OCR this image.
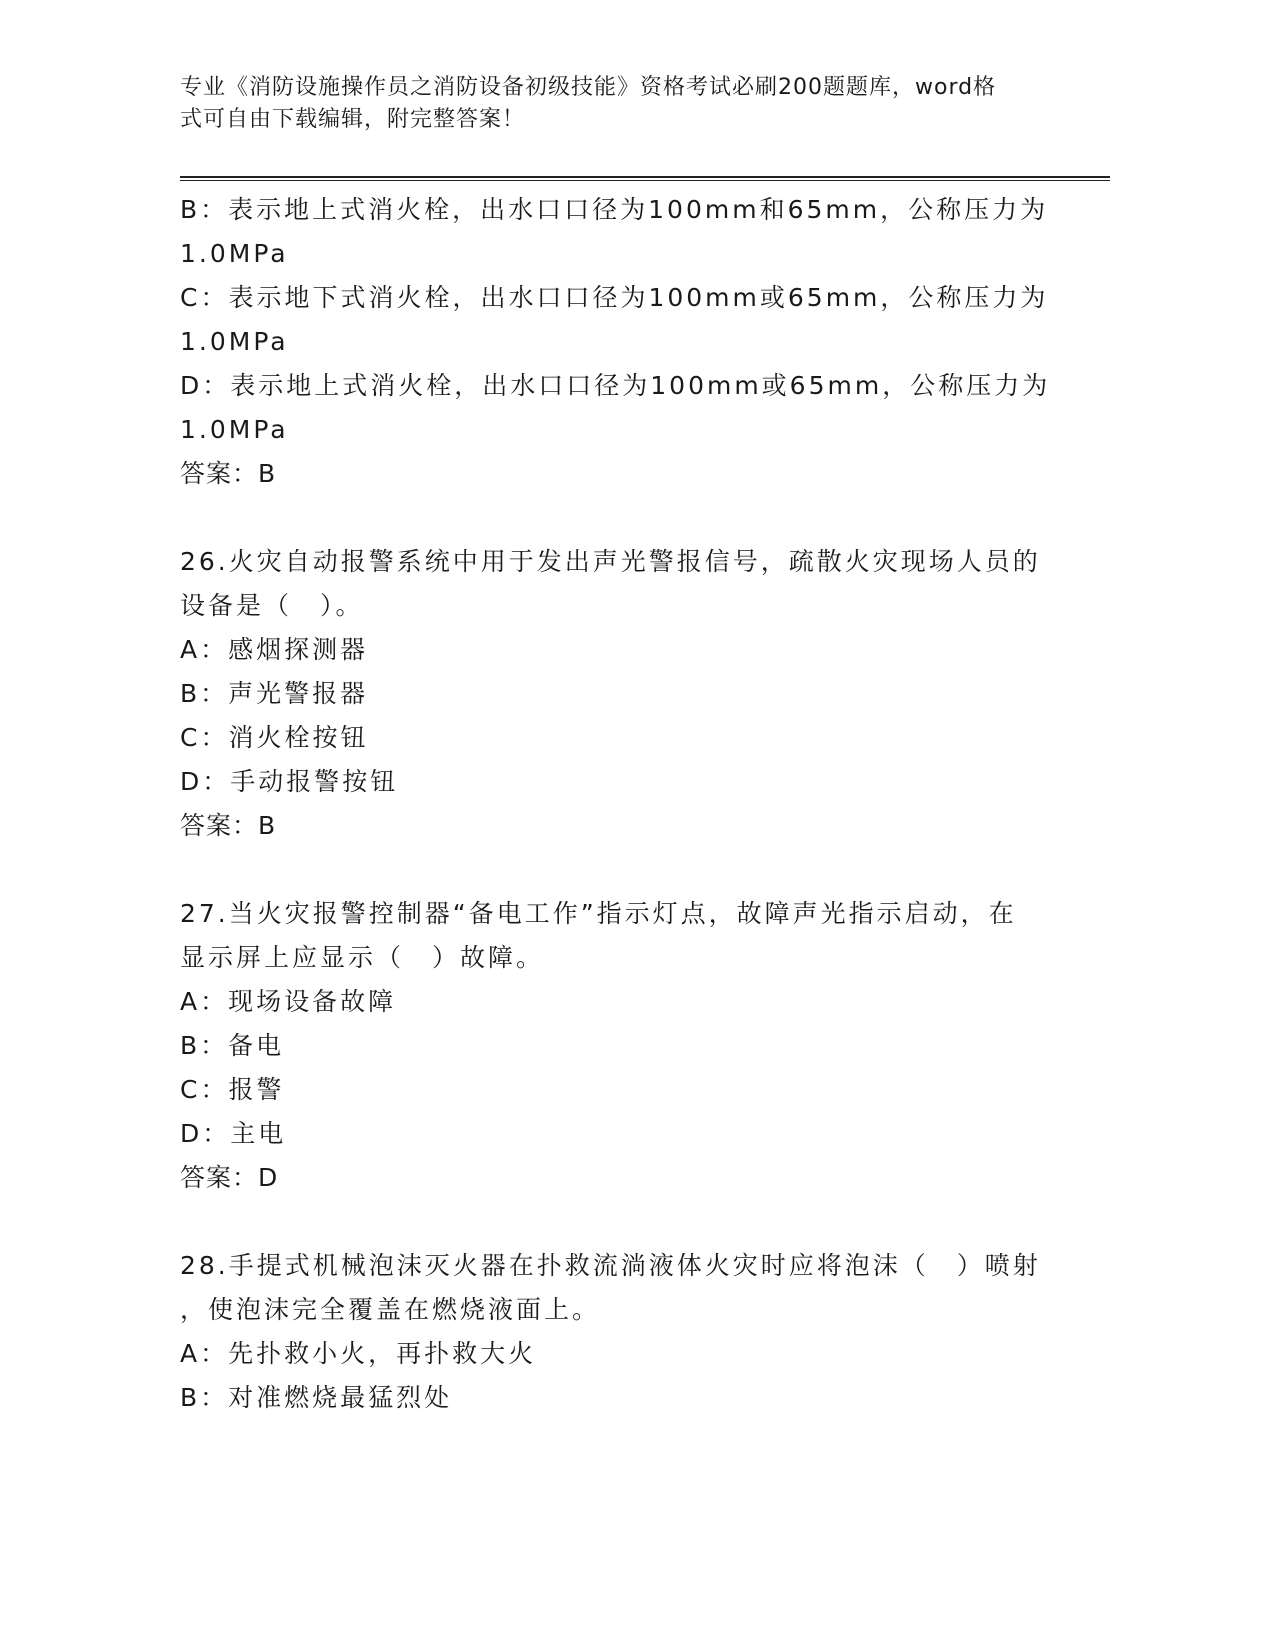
专业《消防设施操作员之消防设备初级技能》资格考试必刷200题题库，word格
式可自由下载编辑，附完整答案！
B：表示地上式消火栓，出水口口径为100mm和65mm，公称压力为
1.0MPa
C：表示地下式消火栓，出水口口径为100mm或65mm，公称压力为
1.0MPa
D：表示地上式消火栓，出水口口径为100mm或65mm，公称压力为
1.0MPa
答案：B
26.火灾自动报警系统中用于发出声光警报信号，疏散火灾现场人员的
设备是（　）。
A：感烟探测器
B：声光警报器
C：消火栓按钮
D：手动报警按钮
答案：B
27.当火灾报警控制器“备电工作”指示灯点，故障声光指示启动，在
显示屏上应显示（　）故障。
A：现场设备故障
B：备电
C：报警
D：主电
答案：D
28.手提式机械泡沫灭火器在扑救流淌液体火灾时应将泡沫（　）喷射
，使泡沫完全覆盖在燃烧液面上。
A：先扑救小火，再扑救大火
B：对准燃烧最猛烈处
